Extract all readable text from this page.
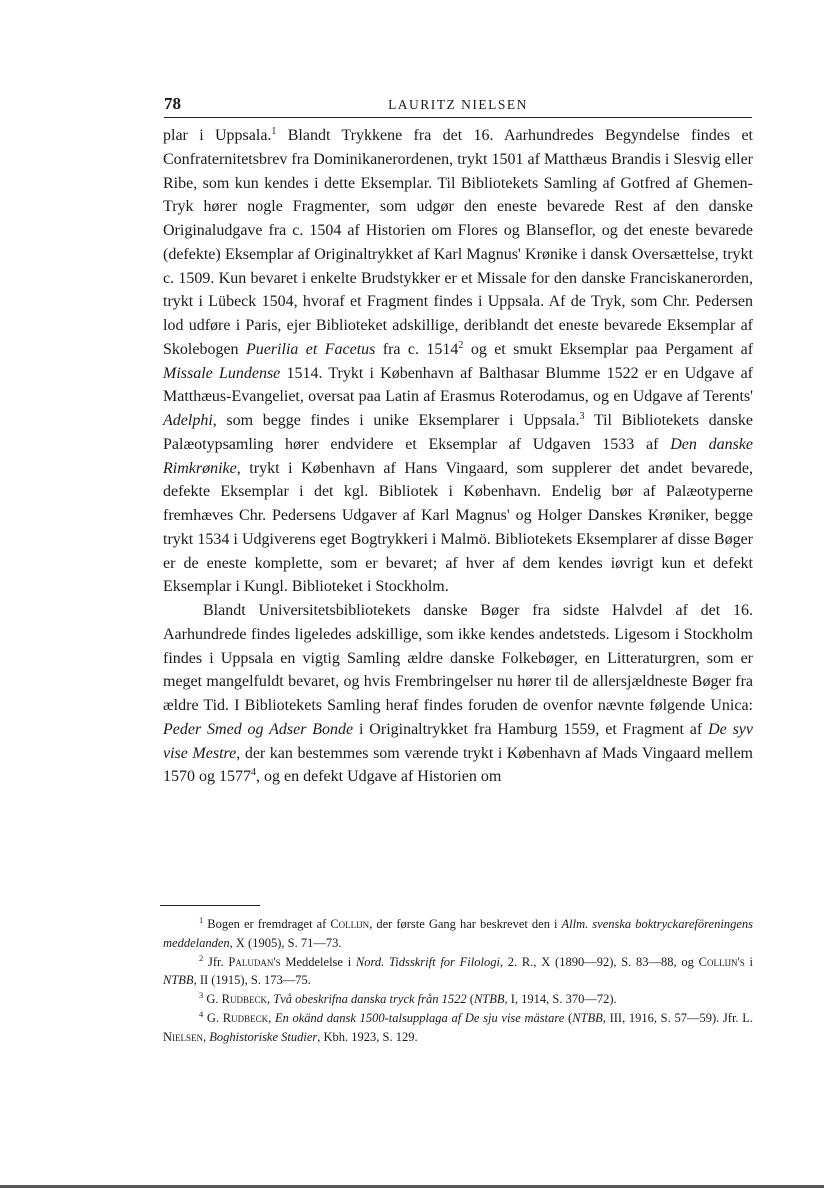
78	LAURITZ NIELSEN

plar i Uppsala.$^1$ Blandt Trykkene fra det 16. Aarhundredes Begyndelse findes et Confraternitetsbrev fra Dominikanerordenen, trykt 1501 af Matthæus Brandis i Slesvig eller Ribe, som kun kendes i dette Eksemplar. Til Bibliotekets Samling af Gotfred af Ghemen-Tryk hører nogle Fragmenter, som udgør den eneste bevarede Rest af den danske Originaludgave fra c. 1504 af Historien om Flores og Blanseflor, og det eneste bevarede (defekte) Eksemplar af Originaltrykket af Karl Magnus' Krønike i dansk Oversættelse, trykt c. 1509. Kun bevaret i enkelte Brudstykker er et Missale for den danske Franciskanerorden, trykt i Lübeck 1504, hvoraf et Fragment findes i Uppsala. Af de Tryk, som Chr. Pedersen lod udføre i Paris, ejer Biblioteket adskillige, deriblandt det eneste bevarede Eksemplar af Skolebogen Puerilia et Facetus fra c. 1514$^2$ og et smukt Eksemplar paa Pergament af Missale Lundense 1514. Trykt i København af Balthasar Blumme 1522 er en Udgave af Matthæus-Evangeliet, oversat paa Latin af Erasmus Roterodamus, og en Udgave af Terents' Adelphi, som begge findes i unike Eksemplarer i Uppsala.$^3$ Til Bibliotekets danske Palæotypsamling hører endvidere et Eksemplar af Udgaven 1533 af Den danske Rimkrønike, trykt i København af Hans Vingaard, som supplerer det andet bevarede, defekte Eksemplar i det kgl. Bibliotek i København. Endelig bør af Palæotyperne fremhæves Chr. Pedersens Udgaver af Karl Magnus' og Holger Danskes Krøniker, begge trykt 1534 i Udgiverens eget Bogtrykkeri i Malmö. Bibliotekets Eksemplarer af disse Bøger er de eneste komplette, som er bevaret; af hver af dem kendes iøvrigt kun et defekt Eksemplar i Kungl. Biblioteket i Stockholm.

Blandt Universitetsbibliotekets danske Bøger fra sidste Halvdel af det 16. Aarhundrede findes ligeledes adskillige, som ikke kendes andetsteds. Ligesom i Stockholm findes i Uppsala en vigtig Samling ældre danske Folkebøger, en Litteraturgren, som er meget mangelfuldt bevaret, og hvis Frembringelser nu hører til de allersjældneste Bøger fra ældre Tid. I Bibliotekets Samling heraf findes foruden de ovenfor nævnte følgende Unica: Peder Smed og Adser Bonde i Originaltrykket fra Hamburg 1559, et Fragment af De syv vise Mestre, der kan bestemmes som værende trykt i København af Mads Vingaard mellem 1570 og 1577$^4$, og en defekt Udgave af Historien om

$^1$ Bogen er fremdraget af Collijn, der første Gang har beskrevet den i Allm. svenska boktryckareföreningens meddelanden, X (1905), S. 71—73.

$^2$ Jfr. Paludan's Meddelelse i Nord. Tidsskrift for Filologi, 2. R., X (1890—92), S. 83—88, og Collijn's i NTBB, II (1915), S. 173—75.

$^3$ G. Rudbeck, Två obeskrifna danska tryck från 1522 (NTBB, I, 1914, S. 370—72).

$^4$ G. Rudbeck, En okänd dansk 1500-talsupplaga af De sju vise mästare (NTBB, III, 1916, S. 57—59). Jfr. L. Nielsen, Boghistoriske Studier, Kbh. 1923, S. 129.
